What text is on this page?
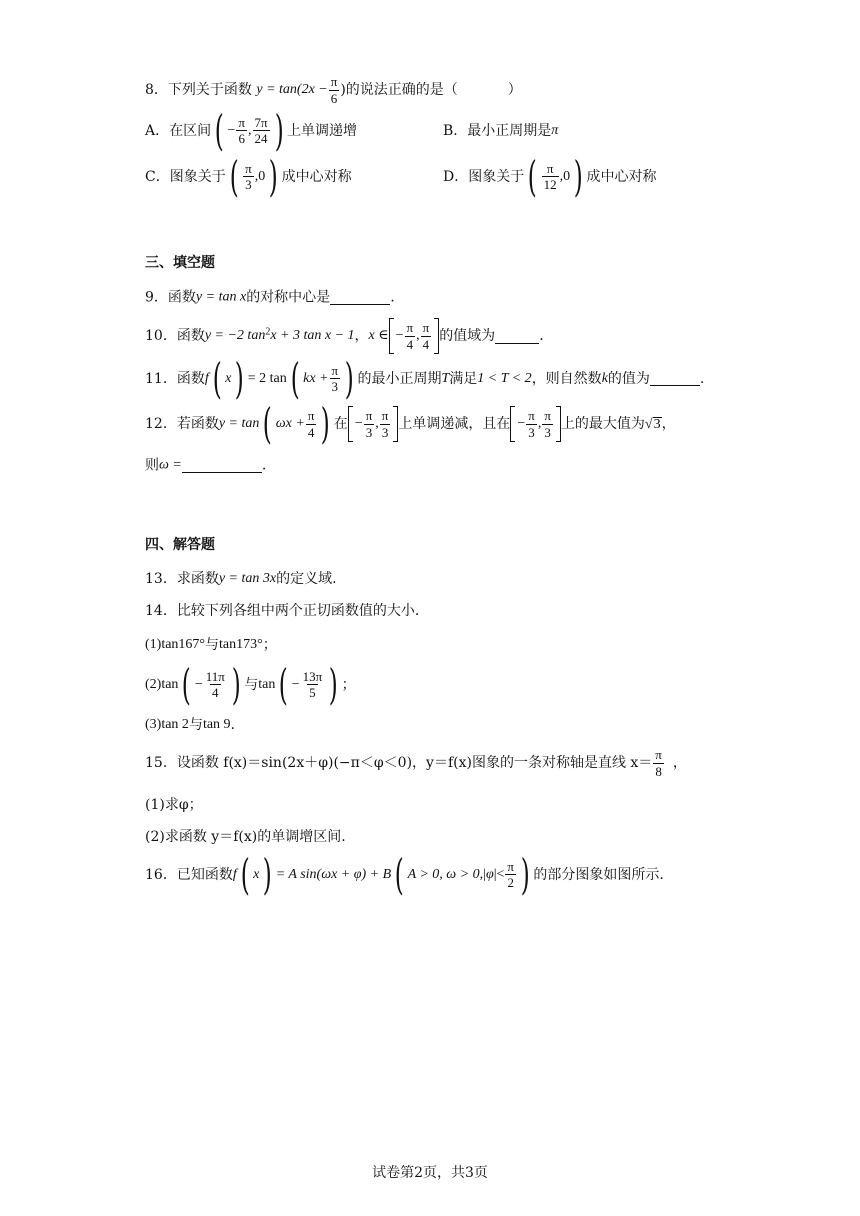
8．下列关于函数 $y = \tan(2x - \frac{\pi}{6}$ )的说法正确的是（	）
A．在区间 ( − $\frac{\pi}{6}$ ,
7π
24 ) 上单调递增	B．最小正周期是π
C．图象关于 ( π
3
,0 ) 成中心对称	D．图象关于 ( π
12
,0 ) 成中心对称
三、填空题
9．函数y = tan x的对称中心是	.
10．函数y = −2 $\tan^2x + 3$ tan x − 1，x ∈ − $\frac{\pi}{4}$ ,
π
4 的值域为	.
11．函数f ( x ) = 2 tan ( kx + $\frac{\pi}{3}$ ) 的最小正周期T满足1 < T < 2，则自然数k的值为	.
12．若函数y = tan ( $\omega x + \frac{\pi}{4}$ ) 在 − $\frac{\pi}{3}$ ,
π
3 上单调递减，且在 − $\frac{\pi}{3}$ ,
π
3 上的最大值为 √ 3 ，
则ω =	.
四、解答题
13．求函数y = tan 3x的定义域.
14．比较下列各组中两个正切函数值的大小．
(1)tan167°与tan173°；
(2)tan ( − $\frac{11\pi}{4}$ ) 与tan ( − $\frac{13\pi}{5}$ ) ；
(3)tan 2与tan 9.
15．设函数 f(x)＝sin(2x＋φ)(−π＜φ＜0)，y＝f(x)图象的一条对称轴是直线 $x= \frac{\pi}{8}$ ，
(1)求φ；
(2)求函数 y＝f(x)的单调增区间.
16．已知函数f ( x ) = A sin(ωx + φ) + B ( A > 0, ω > 0, | φ | <
π
2 ) 的部分图象如图所示.
试卷第2页，共3页
